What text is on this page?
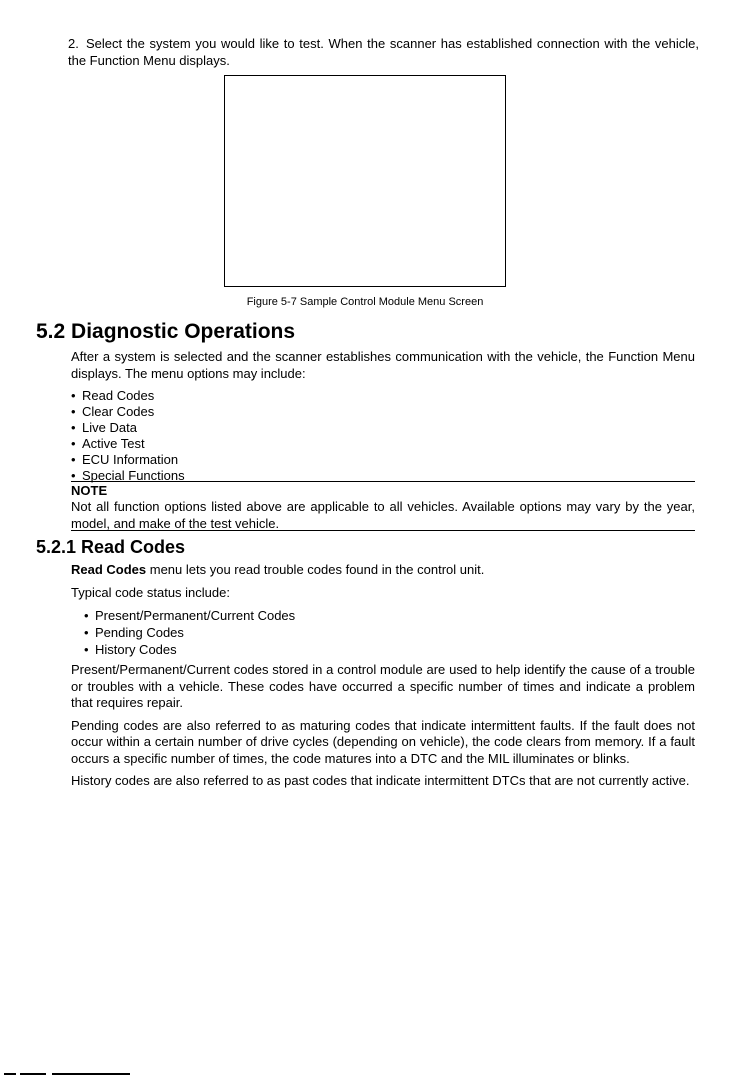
2. Select the system you would like to test. When the scanner has established connection with the vehicle, the Function Menu displays.
Figure 5-7 Sample Control Module Menu Screen
5.2 Diagnostic Operations

After a system is selected and the scanner establishes communication with the vehicle, the Function Menu displays. The menu options may include:

• Read Codes
• Clear Codes
• Live Data
• Active Test
• ECU Information
• Special Functions
NOTE

Not all function options listed above are applicable to all vehicles. Available options may vary by the year, model, and make of the test vehicle.

5.2.1 Read Codes

Read Codes menu lets you read trouble codes found in the control unit.

Typical code status include:

• Present/Permanent/Current Codes
• Pending Codes
• History Codes

Present/Permanent/Current codes stored in a control module are used to help identify the cause of a trouble or troubles with a vehicle. These codes have occurred a specific number of times and indicate a problem that requires repair.

Pending codes are also referred to as maturing codes that indicate intermittent faults. If the fault does not occur within a certain number of drive cycles (depending on vehicle), the code clears from memory. If a fault occurs a specific number of times, the code matures into a DTC and the MIL illuminates or blinks.

History codes are also referred to as past codes that indicate intermittent DTCs that are not currently active.
